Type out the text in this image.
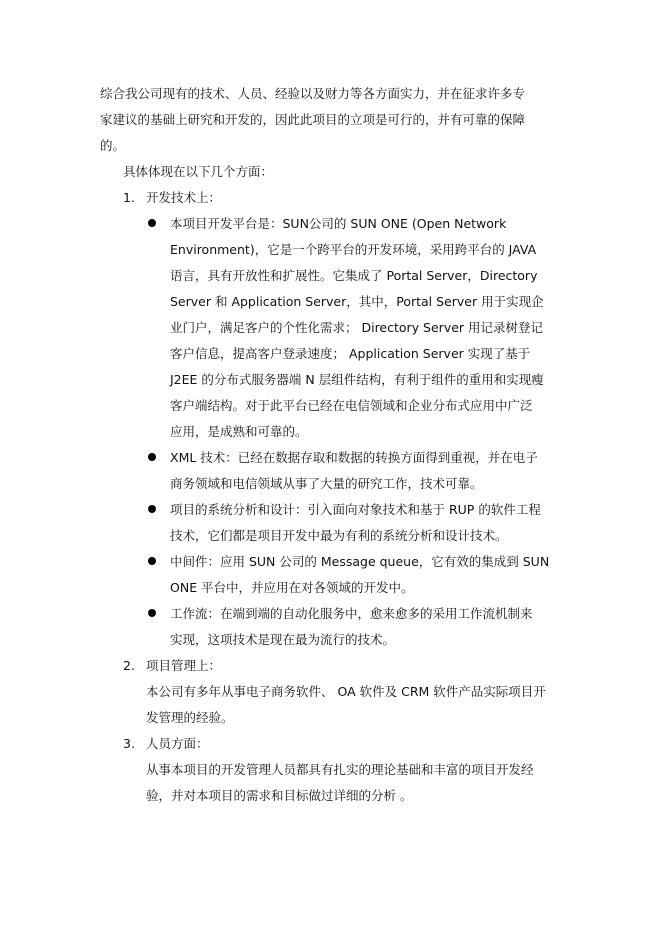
综合我公司现有的技术、人员、经验以及财力等各方面实力，并在征求许多专
家建议的基础上研究和开发的，因此此项目的立项是可行的，并有可靠的保障
的。
具体体现在以下几个方面：
1. 开发技术上：
本项目开发平台是：SUN公司的 SUN ONE (Open Network
Environment)，它是一个跨平台的开发环境，采用跨平台的 JAVA
语言，具有开放性和扩展性。它集成了 Portal Server，Directory
Server 和 Application Server，其中，Portal Server 用于实现企
业门户，满足客户的个性化需求； Directory Server 用记录树登记
客户信息，提高客户登录速度； Application Server 实现了基于
J2EE 的分布式服务器端 N 层组件结构，有利于组件的重用和实现瘦
客户端结构。对于此平台已经在电信领域和企业分布式应用中广泛
应用，是成熟和可靠的。
XML 技术：已经在数据存取和数据的转换方面得到重视，并在电子
商务领域和电信领域从事了大量的研究工作，技术可靠。
项目的系统分析和设计：引入面向对象技术和基于 RUP 的软件工程
技术，它们都是项目开发中最为有利的系统分析和设计技术。
中间件：应用 SUN 公司的 Message queue，它有效的集成到 SUN
ONE 平台中，并应用在对各领域的开发中。
工作流：在端到端的自动化服务中，愈来愈多的采用工作流机制来
实现，这项技术是现在最为流行的技术。
2. 项目管理上：
本公司有多年从事电子商务软件、 OA 软件及 CRM 软件产品实际项目开
发管理的经验。
3. 人员方面：
从事本项目的开发管理人员都具有扎实的理论基础和丰富的项目开发经
验，并对本项目的需求和目标做过详细的分析 。
